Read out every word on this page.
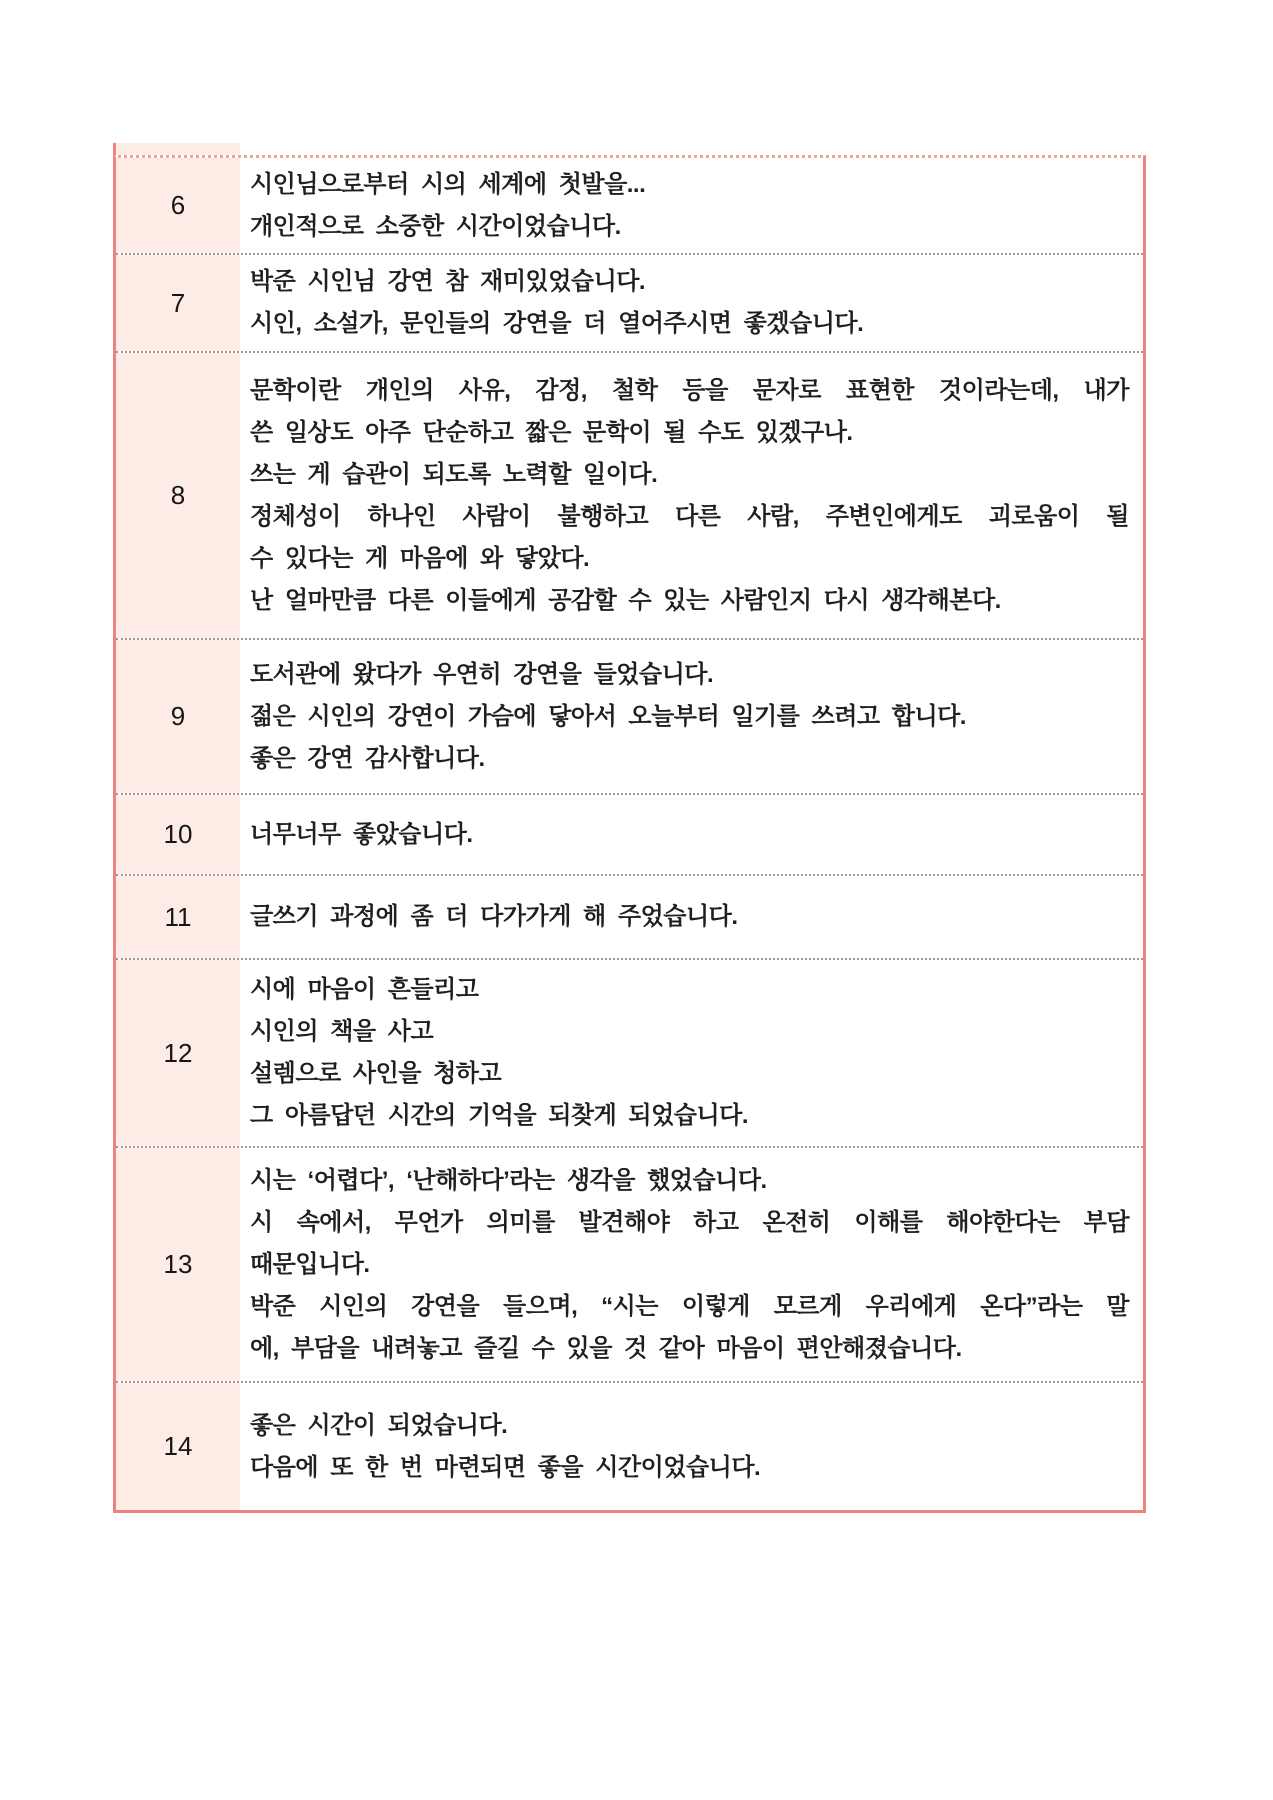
6
시인님으로부터 시의 세계에 첫발을...
개인적으로 소중한 시간이었습니다.
7
박준 시인님 강연 참 재미있었습니다.
시인, 소설가, 문인들의 강연을 더 열어주시면 좋겠습니다.
8
문학이란 개인의 사유, 감정, 철학 등을 문자로 표현한 것이라는데, 내가
쓴 일상도 아주 단순하고 짧은 문학이 될 수도 있겠구나.
쓰는 게 습관이 되도록 노력할 일이다.
정체성이 하나인 사람이 불행하고 다른 사람, 주변인에게도 괴로움이 될
수 있다는 게 마음에 와 닿았다.
난 얼마만큼 다른 이들에게 공감할 수 있는 사람인지 다시 생각해본다.
9
도서관에 왔다가 우연히 강연을 들었습니다.
젊은 시인의 강연이 가슴에 닿아서 오늘부터 일기를 쓰려고 합니다.
좋은 강연 감사합니다.
10 너무너무 좋았습니다.
11 글쓰기 과정에 좀 더 다가가게 해 주었습니다.
12
시에 마음이 흔들리고
시인의 책을 사고
설렘으로 사인을 청하고
그 아름답던 시간의 기억을 되찾게 되었습니다.
13
시는 ‘어렵다’, ‘난해하다’라는 생각을 했었습니다.
시 속에서, 무언가 의미를 발견해야 하고 온전히 이해를 해야한다는 부담
때문입니다.
박준 시인의 강연을 들으며, “시는 이렇게 모르게 우리에게 온다”라는 말
에, 부담을 내려놓고 즐길 수 있을 것 같아 마음이 편안해졌습니다.
14
좋은 시간이 되었습니다.
다음에 또 한 번 마련되면 좋을 시간이었습니다.
